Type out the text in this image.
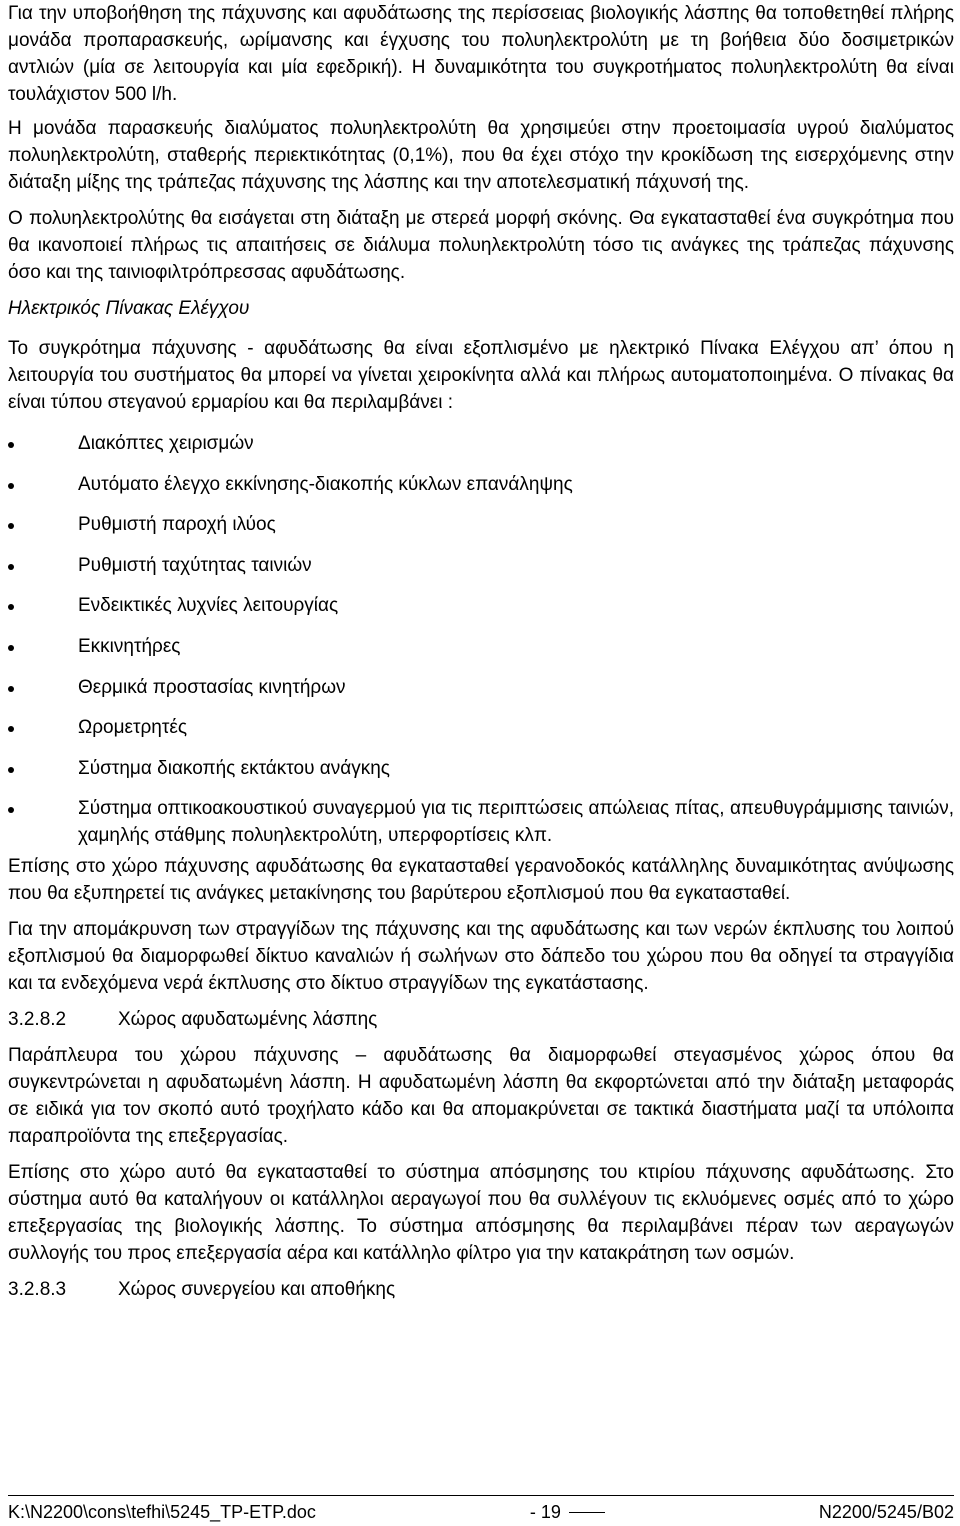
Για την υποβοήθηση της πάχυνσης και αφυδάτωσης της περίσσειας βιολογικής λάσπης θα τοποθετηθεί πλήρης μονάδα προπαρασκευής, ωρίμανσης και έγχυσης του πολυηλεκτρολύτη με τη βοήθεια δύο δοσιμετρικών αντλιών (μία σε λειτουργία και μία εφεδρική). Η δυναμικότητα του συγκροτήματος πολυηλεκτρολύτη θα είναι τουλάχιστον 500 l/h.

Η μονάδα παρασκευής διαλύματος πολυηλεκτρολύτη θα χρησιμεύει στην προετοιμασία υγρού διαλύματος πολυηλεκτρολύτη, σταθερής περιεκτικότητας (0,1%), που θα έχει στόχο την κροκίδωση της εισερχόμενης στην διάταξη μίξης της τράπεζας πάχυνσης της λάσπης και την αποτελεσματική πάχυνσή της.

Ο πολυηλεκτρολύτης θα εισάγεται στη διάταξη με στερεά μορφή σκόνης. Θα εγκατασταθεί ένα συγκρότημα που θα ικανοποιεί πλήρως τις απαιτήσεις σε διάλυμα πολυηλεκτρολύτη τόσο τις ανάγκες της τράπεζας πάχυνσης όσο και της ταινιοφιλτρόπρεσσας αφυδάτωσης.

Ηλεκτρικός Πίνακας Ελέγχου

Το συγκρότημα πάχυνσης - αφυδάτωσης θα είναι εξοπλισμένο με ηλεκτρικό Πίνακα Ελέγχου απ’ όπου η λειτουργία του συστήματος θα μπορεί να γίνεται χειροκίνητα αλλά και πλήρως αυτοματοποιημένα. Ο πίνακας θα είναι τύπου στεγανού ερμαρίου και θα περιλαμβάνει :

Διακόπτες χειρισμών
Αυτόματο έλεγχο εκκίνησης-διακοπής κύκλων επανάληψης
Ρυθμιστή παροχή ιλύος
Ρυθμιστή ταχύτητας ταινιών
Ενδεικτικές λυχνίες λειτουργίας
Εκκινητήρες
Θερμικά προστασίας κινητήρων
Ωρομετρητές
Σύστημα διακοπής εκτάκτου ανάγκης
Σύστημα οπτικοακουστικού συναγερμού για τις περιπτώσεις απώλειας πίτας, απευθυγράμμισης ταινιών, χαμηλής στάθμης πολυηλεκτρολύτη, υπερφορτίσεις κλπ.

Επίσης στο χώρο πάχυνσης αφυδάτωσης θα εγκατασταθεί γερανοδοκός κατάλληλης δυναμικότητας ανύψωσης που θα εξυπηρετεί τις ανάγκες μετακίνησης του βαρύτερου εξοπλισμού που θα εγκατασταθεί.

Για την απομάκρυνση των στραγγίδων της πάχυνσης και της αφυδάτωσης και των νερών έκπλυσης του λοιπού εξοπλισμού θα διαμορφωθεί δίκτυο καναλιών ή σωλήνων στο δάπεδο του χώρου που θα οδηγεί τα στραγγίδια και τα ενδεχόμενα νερά έκπλυσης στο δίκτυο στραγγίδων της εγκατάστασης.

3.2.8.2	Χώρος αφυδατωμένης λάσπης

Παράπλευρα του χώρου πάχυνσης – αφυδάτωσης θα διαμορφωθεί στεγασμένος χώρος όπου θα συγκεντρώνεται η αφυδατωμένη λάσπη. Η αφυδατωμένη λάσπη θα εκφορτώνεται από την διάταξη μεταφοράς σε ειδικά για τον σκοπό αυτό τροχήλατο κάδο και θα απομακρύνεται σε τακτικά διαστήματα μαζί τα υπόλοιπα παραπροϊόντα της επεξεργασίας.

Επίσης στο χώρο αυτό θα εγκατασταθεί το σύστημα απόσμησης του κτιρίου πάχυνσης αφυδάτωσης. Στο σύστημα αυτό θα καταλήγουν οι κατάλληλοι αεραγωγοί που θα συλλέγουν τις εκλυόμενες οσμές από το χώρο επεξεργασίας της βιολογικής λάσπης. Το σύστημα απόσμησης θα περιλαμβάνει πέραν των αεραγωγών συλλογής του προς επεξεργασία αέρα και κατάλληλο φίλτρο για την κατακράτηση των οσμών.

3.2.8.3	Χώρος συνεργείου και αποθήκης
K:\N2200\cons\tefhi\5245_TP-ETP.doc	- 19	N2200/5245/B02
